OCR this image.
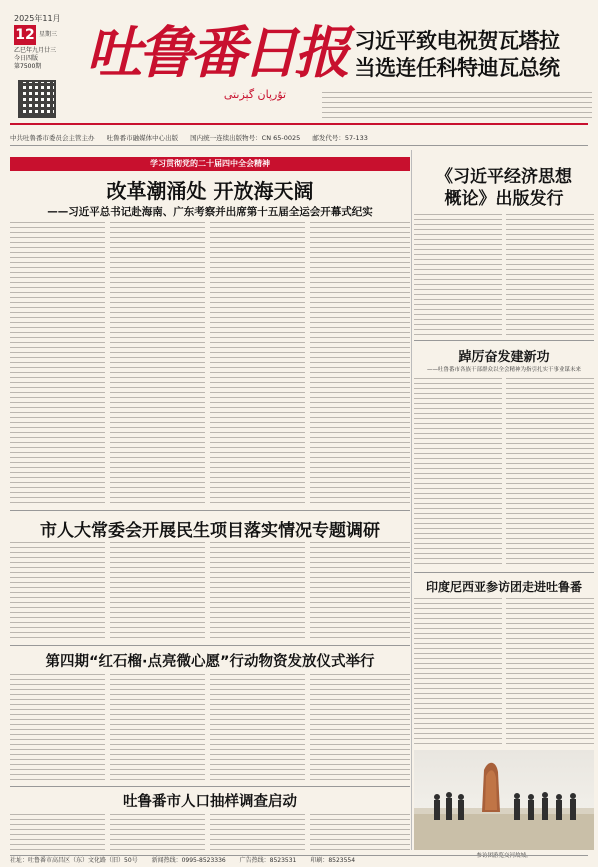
2025年11月
12 星期三
乙巳年九月廿三
今日四版
第7500期 吐鲁番日报
تۇرپان گېزىتى
习近平致电祝贺瓦塔拉
当选连任科特迪瓦总统
中共吐鲁番市委员会主管主办 吐鲁番市融媒体中心出版 国内统一连续出版物号：CN 65-0025 邮发代号：57-133
学习贯彻党的二十届四中全会精神
改革潮涌处 开放海天阔
——习近平总书记赴海南、广东考察并出席第十五届全运会开幕式纪实
《习近平经济思想
概论》出版发行
踔厉奋发建新功
——吐鲁番市各族干部群众以全会精神为指引扎实干事业谋未来
印度尼西亚参访团走进吐鲁番
参访团游览交河故城。
市人大常委会开展民生项目落实情况专题调研
第四期“红石榴·点亮微心愿”行动物资发放仪式举行
吐鲁番市人口抽样调查启动
社址：吐鲁番市高昌区（东）文化路（旧）50号 新闻热线：0995-8523336 广告热线：8523531 印刷：8523554
